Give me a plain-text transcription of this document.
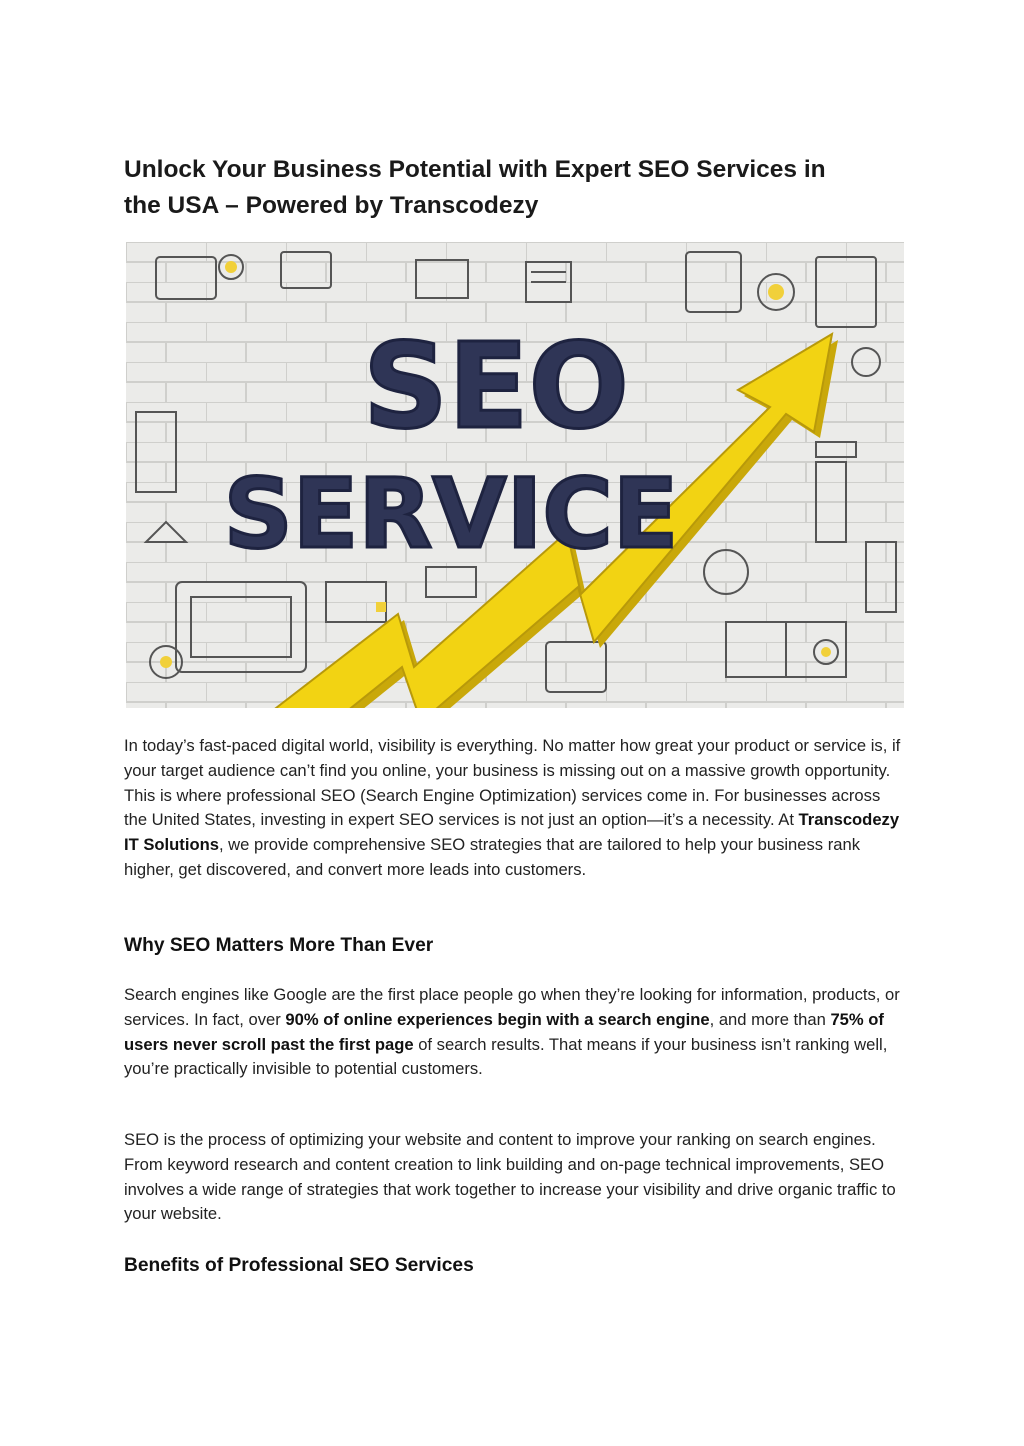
Unlock Your Business Potential with Expert SEO Services in the USA – Powered by Transcodezy
SEO
SERVICE

In today’s fast-paced digital world, visibility is everything. No matter how great your product or service is, if your target audience can’t find you online, your business is missing out on a massive growth opportunity. This is where professional SEO (Search Engine Optimization) services come in. For businesses across the United States, investing in expert SEO services is not just an option—it’s a necessity. At Transcodezy IT Solutions, we provide comprehensive SEO strategies that are tailored to help your business rank higher, get discovered, and convert more leads into customers.

Why SEO Matters More Than Ever

Search engines like Google are the first place people go when they’re looking for information, products, or services. In fact, over 90% of online experiences begin with a search engine, and more than 75% of users never scroll past the first page of search results. That means if your business isn’t ranking well, you’re practically invisible to potential customers.

SEO is the process of optimizing your website and content to improve your ranking on search engines. From keyword research and content creation to link building and on-page technical improvements, SEO involves a wide range of strategies that work together to increase your visibility and drive organic traffic to your website.

Benefits of Professional SEO Services
